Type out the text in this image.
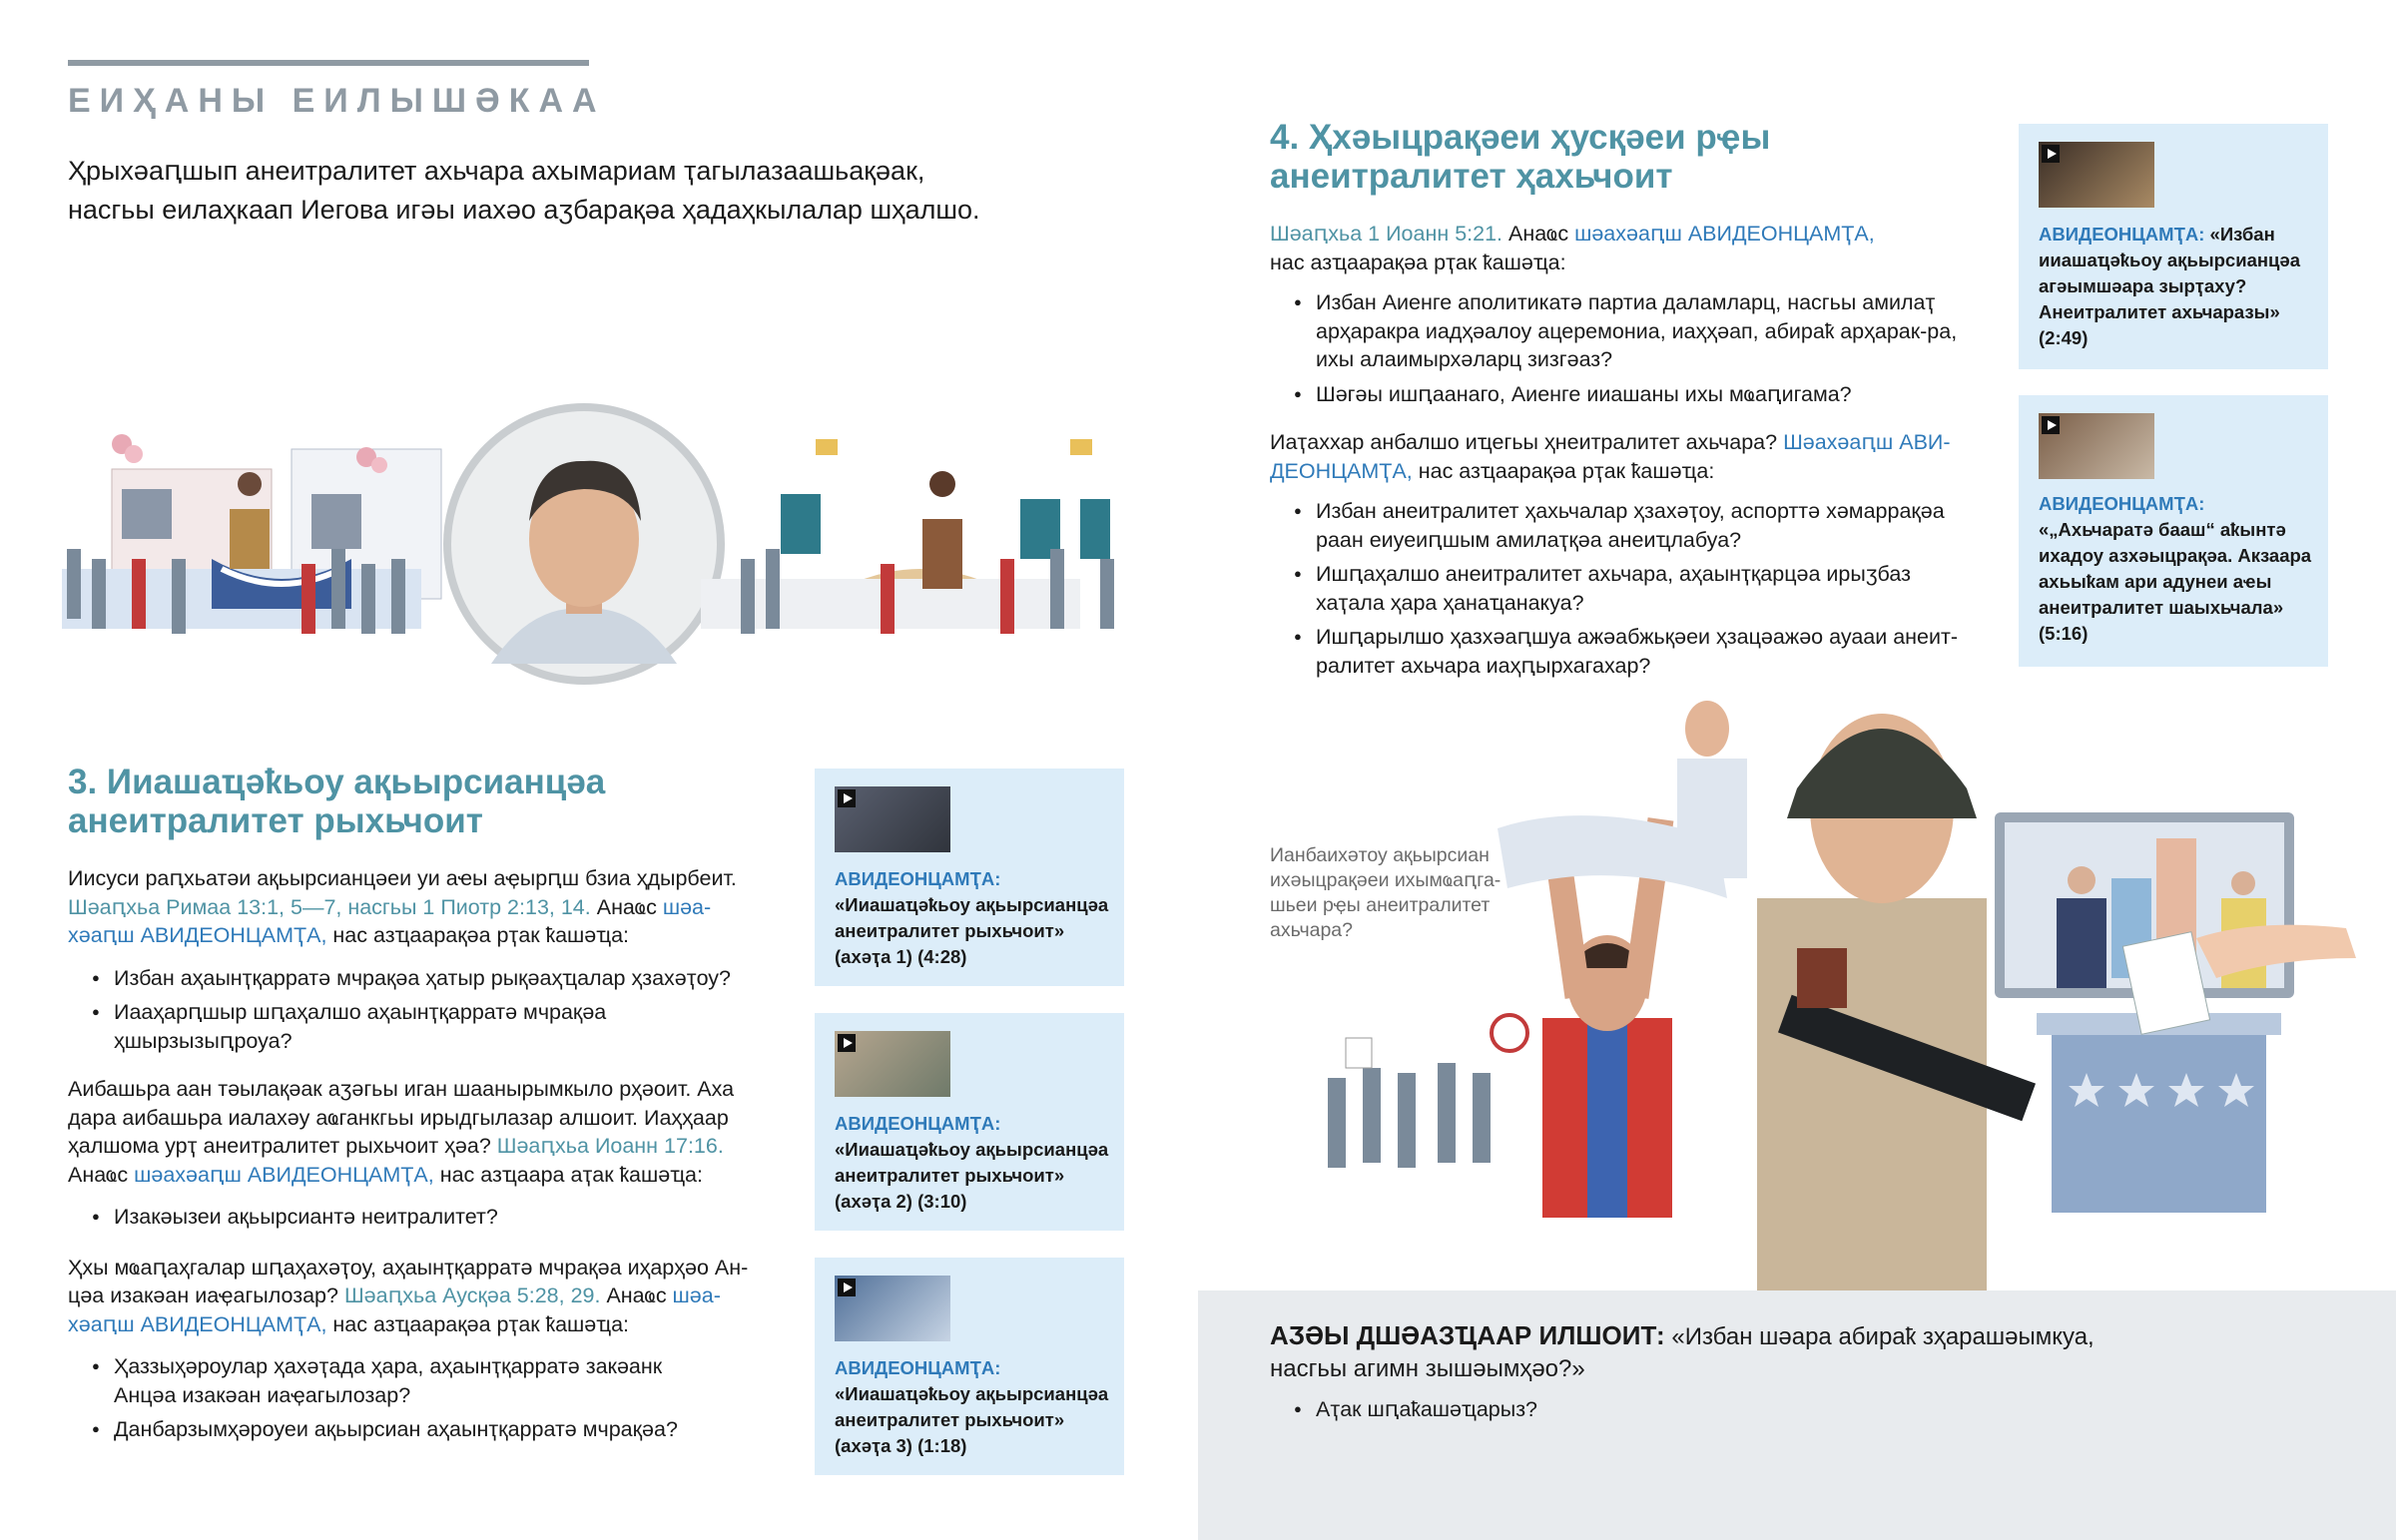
ЕИҲАНЫ ЕИЛЫШӘКАА
Ҳрыхәаԥшып анеитралитет ахьчара ахымариам ҭагылазаашьақәак,
насгьы еилаҳкаап Иегова игәы иахәо аӡбарақәа ҳадаҳкылалар шҳалшо.
3. Ииашаҵәҟьоу ақьырсианцәа
анеитралитет рыхьчоит

Иисуси раԥхьатәи ақьырсианцәеи уи аҽы аҿырԥш бзиа ҳдырбеит.

Шәаԥхьа Римаа 13:1, 5—7, насгьы 1 Пиотр 2:13, 14. Анаҩс шәа-

хәаԥш АВИДЕОНЦАМҬА, нас азҵаарақәа рҭак ҟашәҵа:

● Избан аҳаынҭқарратә мчрақәа ҳатыр рықәаҳҵалар ҳзахәҭоу?
● Иааҳарԥшыр шԥаҳалшо аҳаынҭқарратә мчрақәа ҳшырзызыԥроуа?

Аибашьра аан тәылақәак аӡәгьы иган шаанырымкыло рҳәоит. Аха

дара аибашьра иалахәу аҩганкгьы ирыдгылазар алшоит. Иаҳҳаар

ҳалшома урҭ анеитралитет рыхьчоит ҳәа? Шәаԥхьа Иоанн 17:16.

Анаҩс шәахәаԥш АВИДЕОНЦАМҬА, нас азҵаара аҭак ҟашәҵа:

● Изакәызеи ақьырсиантә неитралитет?

Ҳхы мҩаԥаҳгалар шԥаҳахәҭоу, аҳаынҭқарратә мчрақәа иҳарҳәо Ан-

цәа изакәан иаҿагылозар? Шәаԥхьа Аусқәа 5:28, 29. Анаҩс шәа-

хәаԥш АВИДЕОНЦАМҬА, нас азҵаарақәа рҭак ҟашәҵа:

● Ҳаззыҳәроулар ҳахәҭада ҳара, аҳаынҭқарратә закәанк Анцәа изакәан иаҿагылозар?
● Данбарзымҳәроуеи ақьырсиан аҳаынҭқарратә мчрақәа?
АВИДЕОНЦАМҬА:
«Ииашаҵәҟьоу ақьырсианцәа анеитралитет рыхьчоит» (ахәҭа 1) (4:28)
АВИДЕОНЦАМҬА:
«Ииашаҵәҟьоу ақьырсианцәа анеитралитет рыхьчоит» (ахәҭа 2) (3:10)
АВИДЕОНЦАМҬА:
«Ииашаҵәҟьоу ақьырсианцәа анеитралитет рыхьчоит» (ахәҭа 3) (1:18)
4. Ҳхәыцрақәеи ҳусқәеи рҿы
анеитралитет ҳахьчоит

Шәаԥхьа 1 Иоанн 5:21. Анаҩс шәахәаԥш АВИДЕОНЦАМҬА,

нас азҵаарақәа рҭак ҟашәҵа:

● Избан Аиенге аполитикатә партиа даламларц, насгьы амилаҭ арҳаракра иадҳәалоу ацеремониа, иаҳҳәап, абираҟ арҳарак-ра, ихы алаимырхәларц зизгәаз?
● Шәгәы ишԥаанаго, Аиенге ииашаны ихы мҩаԥигама?

Иаҭаххар анбалшо иҵегьы ҳнеитралитет ахьчара? Шәахәаԥш АВИ-

ДЕОНЦАМҬА, нас азҵаарақәа рҭак ҟашәҵа:

● Избан анеитралитет ҳахьчалар ҳзахәҭоу, аспорттә хәмаррақәа раан еиуеиԥшым амилаҭқәа анеиҵлабуа?
● Ишԥаҳалшо анеитралитет ахьчара, аҳаынҭқарцәа ирыӡбаз хаҭала ҳара ҳанаҵанакуа?
● Ишԥарылшо ҳазхәаԥшуа ажәабжьқәеи ҳзацәажәо ауааи анеит-ралитет ахьчара иаҳԥырхагахар?
АВИДЕОНЦАМҬА: «Избан ииашаҵәҟьоу ақьырсианцәа агәымшәара зырҭаху? Анеитралитет ахьчаразы» (2:49)
АВИДЕОНЦАМҬА:
«„Ахьчаратә бааш“ аҟынтә ихадоу азхәыцрақәа. Акзаара ахьыҟам ари адунеи аҽы анеитралитет шаыхьчала» (5:16)
Ианбаихәтоу ақьырсиан ихәыцрақәеи ихымҩаԥга-шьеи рҿы анеитралитет ахьчара?
АӠӘЫ ДШӘАЗҴААР ИЛШОИТ: «Избан шәара абираҟ зҳарашәымкуа,
насгьы агимн зышәымҳәо?»
● Аҭак шԥаҟашәҵарыз?
